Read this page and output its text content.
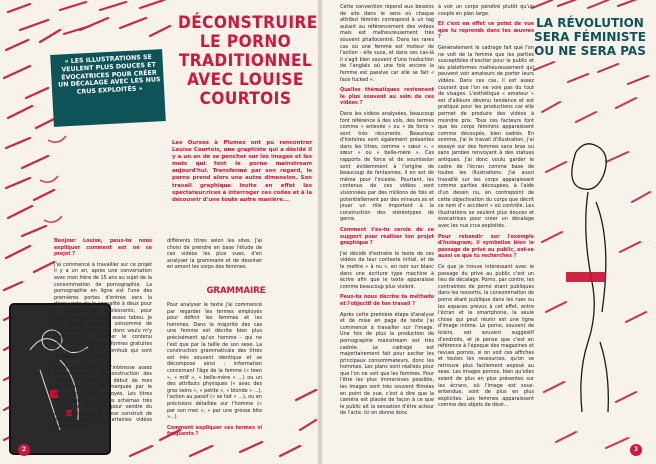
DÉCONSTRUIRE
LE PORNO
TRADITIONNEL
AVEC LOUISE
COURTOIS
« LES ILLUSTRATIONS SE VEULENT PLUS DOUCES ET ÉVOCATRICES POUR CRÉER UN DÉCALAGE AVEC LES NUS CRUS EXPLOITÉS »
Les Ourses à Plumes ont pu rencontrer Louise Courtois, une graphiste qui a décidé il y a un an de se pencher sur les images et les mots qui font le porno mainstream aujourd'hui. Transformé par son regard, le porno prend alors une autre dimension. Son travail graphique invite en effet les spectateur.rices à interroger ces codes et à la découvrir d'une toute autre manière...

Bonjour Louise, peux-tu nous expliquer comment est né ce projet ?

J'ai commencé à travailler sur ce projet il y a un an, après une conversation avec mon frère de 15 ans au sujet de la consommation de pornographie. La pornographie en ligne est l'une des premières portes d'entrée vers la découverte de la sexualité à deux pour la majorité des adolescents, pour autant ce sujet reste assez tabou. Je n'ai jamais vraiment consommé de porno mainstream, j'ai donc voulu m'y intéresser et observer le contenu proposé sur des plate-formes gratuites comme Youporn ou Pornhub qui sont les sites les plus visités.

Étant graphiste, je m'intéresse assez naturellement à la construction des images. Pourtant, au début de mes recherches, j'ai été marquée par le choix des mots employés. Les titres sont construits sur des schémas très simples et similaires pour vendre du contenu qui est lui aussi construit de manière répétitive. Certaines vidéos peuvent avoir

différents titres selon les sites. J'ai choisi de prendre en base l'étude de ces vidéos les plus vues, d'en analyser la grammaire et de dessiner en amont les corps des femmes.

GRAMMAIRE

Pour analyser le texte j'ai commencé par regarder les termes employés pour définir les femmes et les hommes. Dans la majorité des cas une femme est décrite bien plus précisément qu'un homme - qui ne l'est que par la taille de son sexe. La construction grammaticale des titres est très souvent identique et se décompose ainsi : information concernant l'âge de la femme (« teen », « milf », « belle-mère » ...) ou un des attributs physiques (« avec des gros seins », « petite », « blonde » ...), l'action au passif (« se fait » ...), ou en précisions détaillée sur l'homme (« par son mec », « par une grosse bite »...).

Comment expliquer ces termes si fréquents ?

2
LA RÉVOLUTION
SERA FÉMINISTE
OU NE SERA PAS

Cette convention répond aux besoins de site dans le sens où chaque attribut féminin correspond à un tag autant au référencement des vidéos mais est malheureusement très souvent phallocentré. Dans les rares cas où une femme est moteur de l'action - elle suce, et dans ces cas-là il s'agit bien souvent d'une traduction de l'anglais où une fois encore la femme est passive car elle se fait « face fucked ».

Quelles thématiques reviennent le plus souvent au sein de ces vidéos ?

Dans les vidéos analysées, beaucoup font référence à des vols, des termes comme « enlevée » ou « de force » sont très récurrents. Beaucoup d'histoires sont également présentes dans les titres, comme « sœur », « sœur » ou « belle-mère ». Ces rapports de force et de soumission sont évidemment à l'origine de beaucoup de fantasmes, il en est de même pour l'inceste. Pourtant, les contenus de ces vidéos sont visionnées par des millions de fois et potentiellement par des mineurs.es et jouer un rôle important à la construction des stéréotypes de genre.

Comment t'es-tu servie de ce support pour réaliser ton projet graphique ?

J'ai décidé d'extraire le texte de ces vidéos de leur contexte initial, et de le mettre « à nu », en noir sur blanc dans une écriture type machine à écrire afin que le texte apparaisse comme beaucoup plus violent.

Peux-tu nous décrire ta méthode et l'objectif de ton travail ?

Après cette première étape d'analyse et de mise en page de texte j'ai commencé à travailler sur l'image. Une fois de plus la production de pornographie mainstream est très cadrée. Le cadrage est majoritairement fait pour exciter les principaux consommateurs, donc les hommes. Les plans sont réalisés pour que l'on ne voit que les femmes. Pour l'être les plus immersives possible, les images sont très souvent filmées en point de vue, c'est à dire que la caméra est placée de façon à ce que le public ait la sensation d'être acteur de l'acte. Ici on donne donc

à voir un corps pénétré plutôt qu'un couple en plan large.

Et c'est en effet ce point de vue que tu reprends dans tes œuvres ?

Généralement le cadrage fait que l'on ne voit de la femme que les parties susceptibles d'exciter pour le public et les plateformes malheureusement qui peuvent voir amateurs de porter leurs vidéos. Dans ces cas, il est assez courant que l'on ne voie pas du tout de visages. L'esthétique « amateur » est d'ailleurs devenu tendance et est pratiqué pour les productions car elle permet de produire des vidéos à moindre prix. Tous ces facteurs font que les corps féminins apparaissent comme découpés, bien cadrés. En somme, j'ai le travail d'illustration, j'ai essayé sur des femmes sans bras ou sans jambes renvoyant à des statues antiques. J'ai donc voulu garder le cadre de l'écran comme base de toutes les illustrations. J'ai aussi travaillé sur les corps apparaissant comme parties découpées, à l'aide d'un dessin nu, en contrepoint de cette objectivation du corps que décrit ce nom d'« accident » où contrôle. Les illustrations se veulent plus douces et évocatrices pour créer un décalage avec les nus crus exploités.

Pour rebondir sur l'exemple d'Instagram, il symbolise bien le passage de privé au public, est-ce aussi ce que tu recherches ?

Ce que je trouve intéressant avec le passage du privé au public c'est un lieu de décalage. Porno, par contre, les contraintes de porno étant publiques dans les ressortis, la consommation de porno étant publique dans les rues ou les espaces prévus à cet effet, entre l'écran et le smartphone, la seule chose qui peut réunir est une ligne d'image intime. Le porno, souvent de loisirs, est souvent suggestif d'endroits, et je pense que c'est en référence à l'époque des magazines et revues pornos, si on voit ces affiches et toutes les ressources, qu'on se retrouve plus facilement exposé au sexe. Les images pornos, bien qu'elles soient de plus en plus présentes sur les écrans, où l'image est sous-entendue, sont de plus en plus explicites. Les femmes apparaissent comme des objets de désir...

3
